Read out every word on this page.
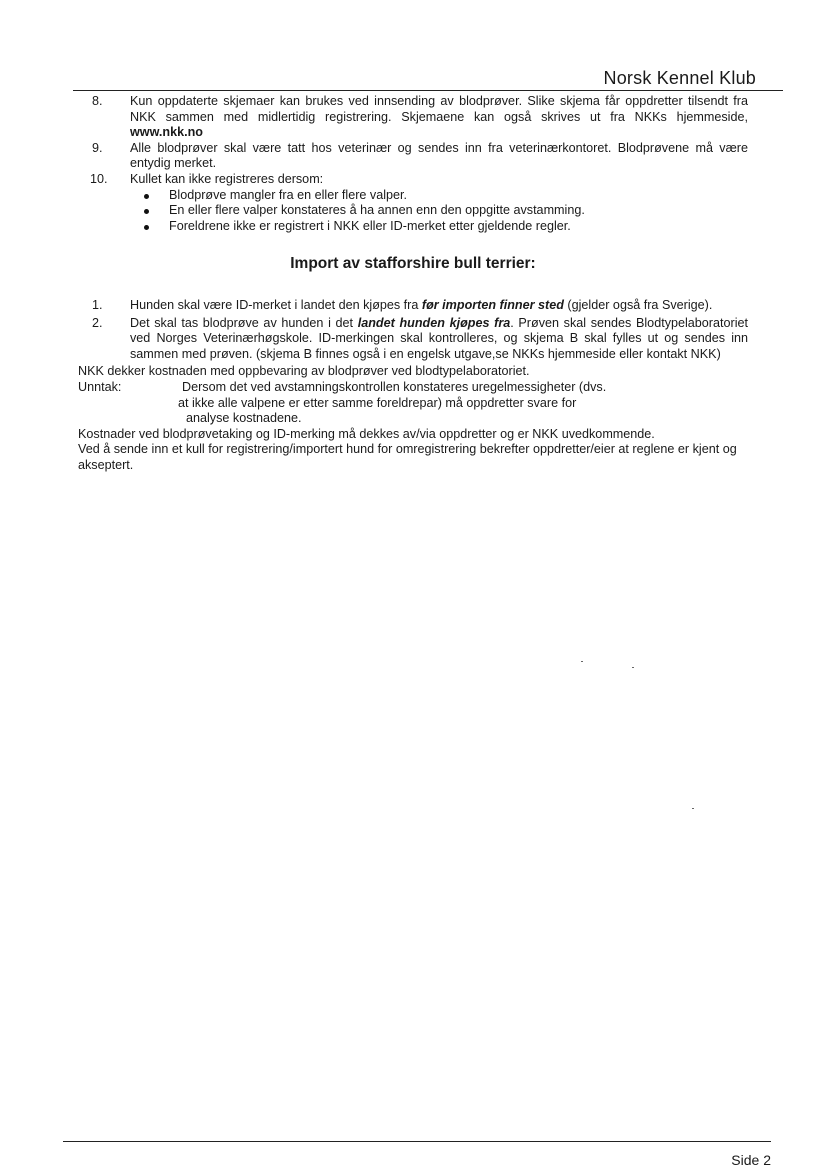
Norsk Kennel Klub
8. Kun oppdaterte skjemaer kan brukes ved innsending av blodprøver. Slike skjema får oppdretter tilsendt fra NKK sammen med midlertidig registrering. Skjemaene kan også skrives ut fra NKKs hjemmeside, www.nkk.no
9. Alle blodprøver skal være tatt hos veterinær og sendes inn fra veterinærkontoret. Blodprøvene må være entydig merket.
10. Kullet kan ikke registreres dersom:
Blodprøve mangler fra en eller flere valper.
En eller flere valper konstateres å ha annen enn den oppgitte avstamming.
Foreldrene ikke er registrert i NKK eller ID-merket etter gjeldende regler.
Import av stafforshire bull terrier:
1. Hunden skal være ID-merket i landet den kjøpes fra før importen finner sted (gjelder også fra Sverige).
2. Det skal tas blodprøve av hunden i det landet hunden kjøpes fra. Prøven skal sendes Blodtypelaboratoriet ved Norges Veterinærhøgskole. ID-merkingen skal kontrolleres, og skjema B skal fylles ut og sendes inn sammen med prøven. (skjema B finnes også i en engelsk utgave,se NKKs hjemmeside eller kontakt NKK)

NKK dekker kostnaden med oppbevaring av blodprøver ved blodtypelaboratoriet.

Unntak:	Dersom det ved avstamningskontrollen konstateres uregelmessigheter (dvs.
at ikke alle valpene er etter samme foreldrepar) må oppdretter svare for
analyse kostnadene.

Kostnader ved blodprøvetaking og ID-merking må dekkes av/via oppdretter og er NKK uvedkommende.

Ved å sende inn et kull for registrering/importert hund for omregistrering bekrefter oppdretter/eier at reglene er kjent og akseptert.

Side 2
